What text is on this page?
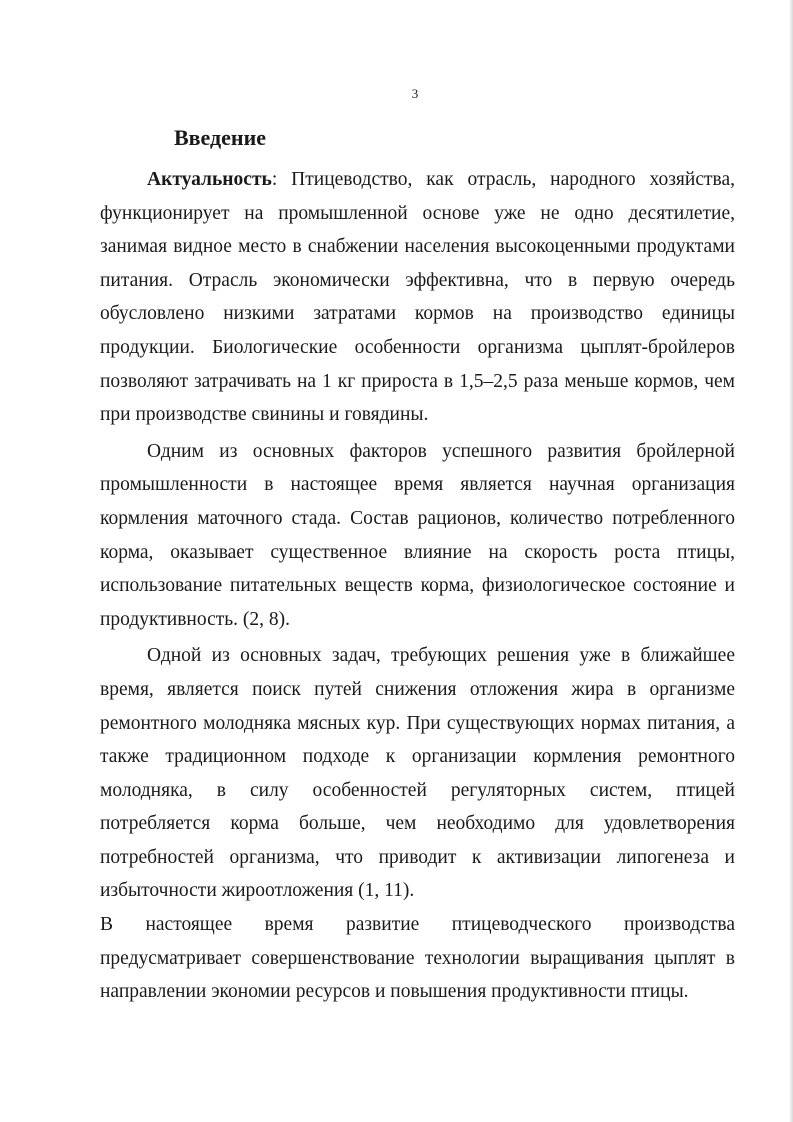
3
Введение

Актуальность: Птицеводство, как отрасль, народного хозяйства, функционирует на промышленной основе уже не одно десятилетие, занимая видное место в снабжении населения высокоценными продуктами питания. Отрасль экономически эффективна, что в первую очередь обусловлено низкими затратами кормов на производство единицы продукции. Биологические особенности организма цыплят-бройлеров позволяют затрачивать на 1 кг прироста в 1,5–2,5 раза меньше кормов, чем при производстве свинины и говядины.

Одним из основных факторов успешного развития бройлерной промышленности в настоящее время является научная организация кормления маточного стада. Состав рационов, количество потребленного корма, оказывает существенное влияние на скорость роста птицы, использование питательных веществ корма, физиологическое состояние и продуктивность. (2, 8).

Одной из основных задач, требующих решения уже в ближайшее время, является поиск путей снижения отложения жира в организме ремонтного молодняка мясных кур. При существующих нормах питания, а также традиционном подходе к организации кормления ремонтного молодняка, в силу особенностей регуляторных систем, птицей потребляется корма больше, чем необходимо для удовлетворения потребностей организма, что приводит к активизации липогенеза и избыточности жироотложения (1, 11).

В настоящее время развитие птицеводческого производства предусматривает совершенствование технологии выращивания цыплят в направлении экономии ресурсов и повышения продуктивности птицы.
